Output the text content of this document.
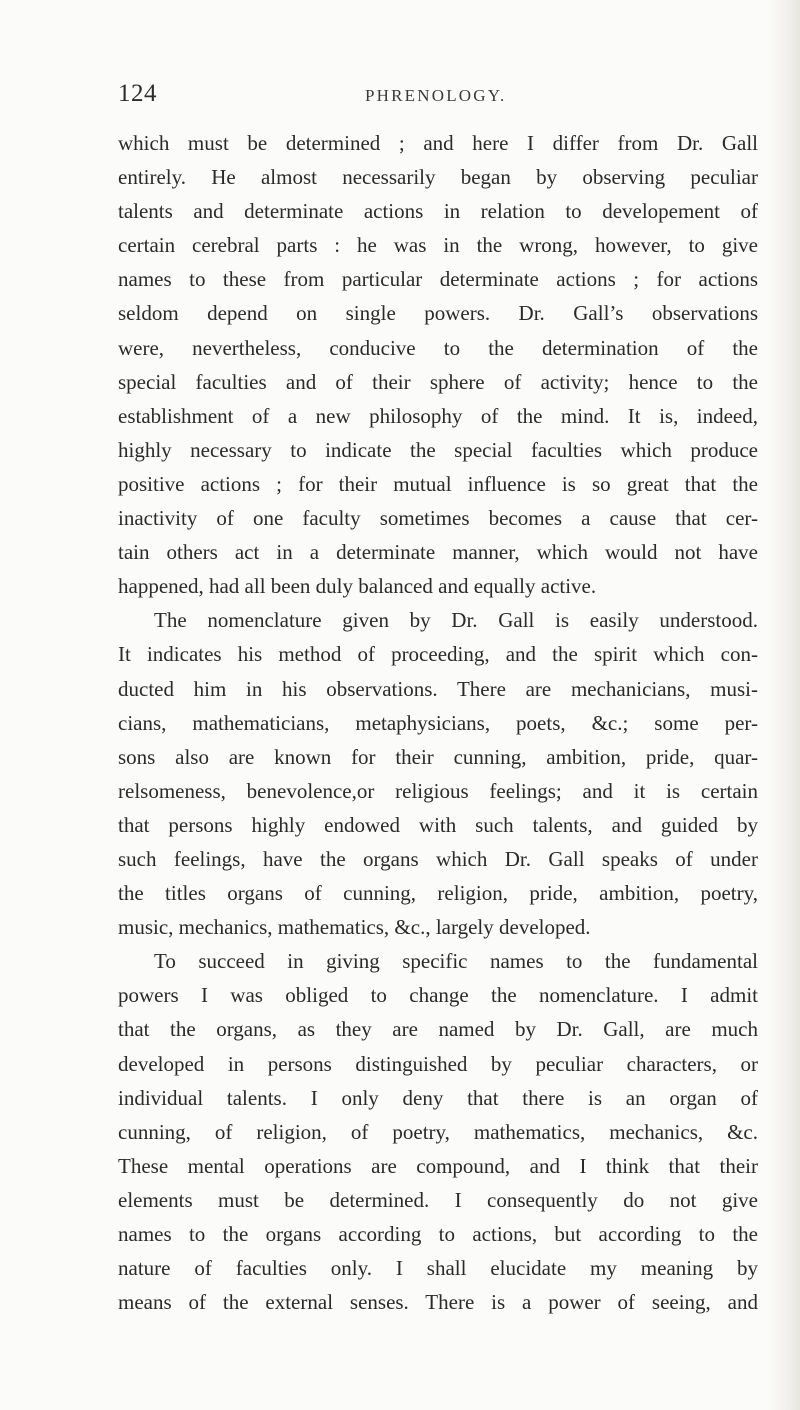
124	PHRENOLOGY.
which must be determined ; and here I differ from Dr. Gall
entirely. He almost necessarily began by observing peculiar
talents and determinate actions in relation to developement of
certain cerebral parts : he was in the wrong, however, to give
names to these from particular determinate actions ; for actions
seldom depend on single powers. Dr. Gall’s observations
were, nevertheless, conducive to the determination of the
special faculties and of their sphere of activity; hence to the
establishment of a new philosophy of the mind. It is, indeed,
highly necessary to indicate the special faculties which produce
positive actions ; for their mutual influence is so great that the
inactivity of one faculty sometimes becomes a cause that cer-
tain others act in a determinate manner, which would not have
happened, had all been duly balanced and equally active.
The nomenclature given by Dr. Gall is easily understood.
It indicates his method of proceeding, and the spirit which con-
ducted him in his observations. There are mechanicians, musi-
cians, mathematicians, metaphysicians, poets, &c.; some per-
sons also are known for their cunning, ambition, pride, quar-
relsomeness, benevolence,or religious feelings; and it is certain
that persons highly endowed with such talents, and guided by
such feelings, have the organs which Dr. Gall speaks of under
the titles organs of cunning, religion, pride, ambition, poetry,
music, mechanics, mathematics, &c., largely developed.
To succeed in giving specific names to the fundamental
powers I was obliged to change the nomenclature. I admit
that the organs, as they are named by Dr. Gall, are much
developed in persons distinguished by peculiar characters, or
individual talents. I only deny that there is an organ of
cunning, of religion, of poetry, mathematics, mechanics, &c.
These mental operations are compound, and I think that their
elements must be determined. I consequently do not give
names to the organs according to actions, but according to the
nature of faculties only. I shall elucidate my meaning by
means of the external senses. There is a power of seeing, and
